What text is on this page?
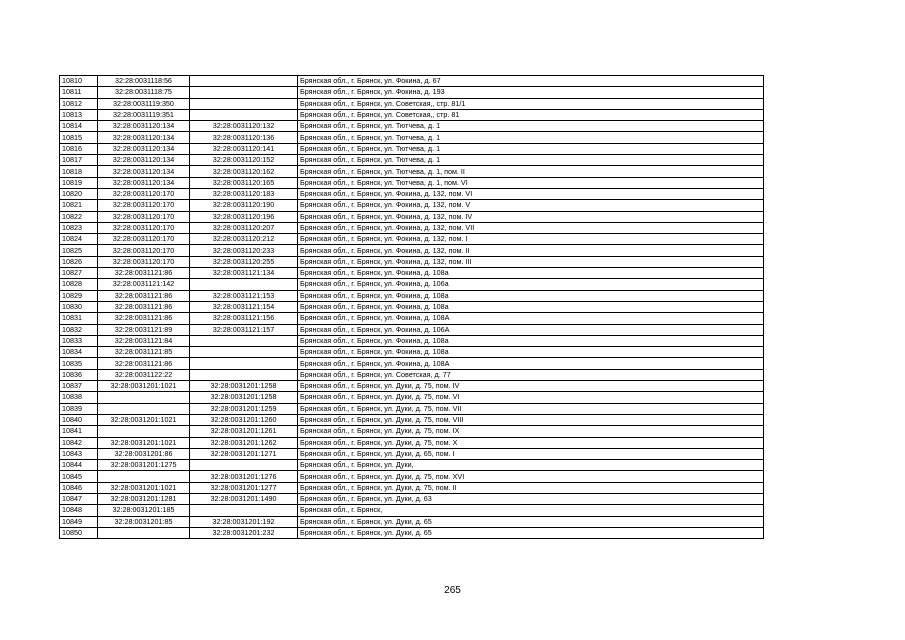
10810	32:28:0031118:56		Брянская обл., г. Брянск, ул. Фокина, д. 67
10811	32:28:0031118:75		Брянская обл., г. Брянск, ул. Фокина, д. 193
10812	32:28:0031119:350		Брянская обл., г. Брянск, ул. Советская,, стр. 81/1
10813	32:28:0031119:351		Брянская обл., г. Брянск, ул. Советская,, стр. 81
10814	32:28:0031120:134	32:28:0031120:132	Брянская обл., г. Брянск, ул. Тютчева, д. 1
10815	32:28:0031120:134	32:28:0031120:136	Брянская обл., г. Брянск, ул. Тютчева, д. 1
10816	32:28:0031120:134	32:28:0031120:141	Брянская обл., г. Брянск, ул. Тютчева, д. 1
10817	32:28:0031120:134	32:28:0031120:152	Брянская обл., г. Брянск, ул. Тютчева, д. 1
10818	32:28:0031120:134	32:28:0031120:162	Брянская обл., г. Брянск, ул. Тютчева, д. 1, пом. II
10819	32:28:0031120:134	32:28:0031120:165	Брянская обл., г. Брянск, ул. Тютчева, д. 1, пом. VI
10820	32:28:0031120:170	32:28:0031120:183	Брянская обл., г. Брянск, ул. Фокина, д. 132, пом. VI
10821	32:28:0031120:170	32:28:0031120:190	Брянская обл., г. Брянск, ул. Фокина, д. 132, пом. V
10822	32:28:0031120:170	32:28:0031120:196	Брянская обл., г. Брянск, ул. Фокина, д. 132, пом. IV
10823	32:28:0031120:170	32:28:0031120:207	Брянская обл., г. Брянск, ул. Фокина, д. 132, пом. VII
10824	32:28:0031120:170	32:28:0031120:212	Брянская обл., г. Брянск, ул. Фокина, д. 132, пом. I
10825	32:28:0031120:170	32:28:0031120:233	Брянская обл., г. Брянск, ул. Фокина, д. 132, пом. II
10826	32:28:0031120:170	32:28:0031120:255	Брянская обл., г. Брянск, ул. Фокина, д. 132, пом. III
10827	32:28:0031121:86	32:28:0031121:134	Брянская обл., г. Брянск, ул. Фокина, д. 108а
10828	32:28:0031121:142		Брянская обл., г. Брянск, ул. Фокина, д. 106а
10829	32:28:0031121:86	32:28:0031121:153	Брянская обл., г. Брянск, ул. Фокина, д. 108а
10830	32:28:0031121:86	32:28:0031121:154	Брянская обл., г. Брянск, ул. Фокина, д. 108а
10831	32:28:0031121:86	32:28:0031121:156	Брянская обл., г. Брянск, ул. Фокина, д. 108А
10832	32:28:0031121:89	32:28:0031121:157	Брянская обл., г. Брянск, ул. Фокина, д. 106А
10833	32:28:0031121:84		Брянская обл., г. Брянск, ул. Фокина, д. 108а
10834	32:28:0031121:85		Брянская обл., г. Брянск, ул. Фокина, д. 108а
10835	32:28:0031121:86		Брянская обл., г. Брянск, ул. Фокина, д. 108А
10836	32:28:0031122:22		Брянская обл., г. Брянск, ул. Советская, д. 77
10837	32:28:0031201:1021	32:28:0031201:1258	Брянская обл., г. Брянск, ул. Дуки, д. 75, пом. IV
10838		32:28:0031201:1258	Брянская обл., г. Брянск, ул. Дуки, д. 75, пом. VI
10839		32:28:0031201:1259	Брянская обл., г. Брянск, ул. Дуки, д. 75, пом. VII
10840	32:28:0031201:1021	32:28:0031201:1260	Брянская обл., г. Брянск, ул. Дуки, д. 75, пом. VIII
10841		32:28:0031201:1261	Брянская обл., г. Брянск, ул. Дуки, д. 75, пом. IX
10842	32:28:0031201:1021	32:28:0031201:1262	Брянская обл., г. Брянск, ул. Дуки, д. 75, пом. X
10843	32:28:0031201:86	32:28:0031201:1271	Брянская обл., г. Брянск, ул. Дуки, д. 65, пом. I
10844	32:28:0031201:1275		Брянская обл., г. Брянск, ул. Дуки,
10845		32:28:0031201:1276	Брянская обл., г. Брянск, ул. Дуки, д. 75, пом. XVI
10846	32:28:0031201:1021	32:28:0031201:1277	Брянская обл., г. Брянск, ул. Дуки, д. 75, пом. II
10847	32:28:0031201:1281	32:28:0031201:1490	Брянская обл., г. Брянск, ул. Дуки, д. 63
10848	32:28:0031201:185		Брянская обл., г. Брянск,
10849	32:28:0031201:85	32:28:0031201:192	Брянская обл., г. Брянск, ул. Дуки, д. 65
10850		32:28:0031201:232	Брянская обл., г. Брянск, ул. Дуки, д. 65
265
